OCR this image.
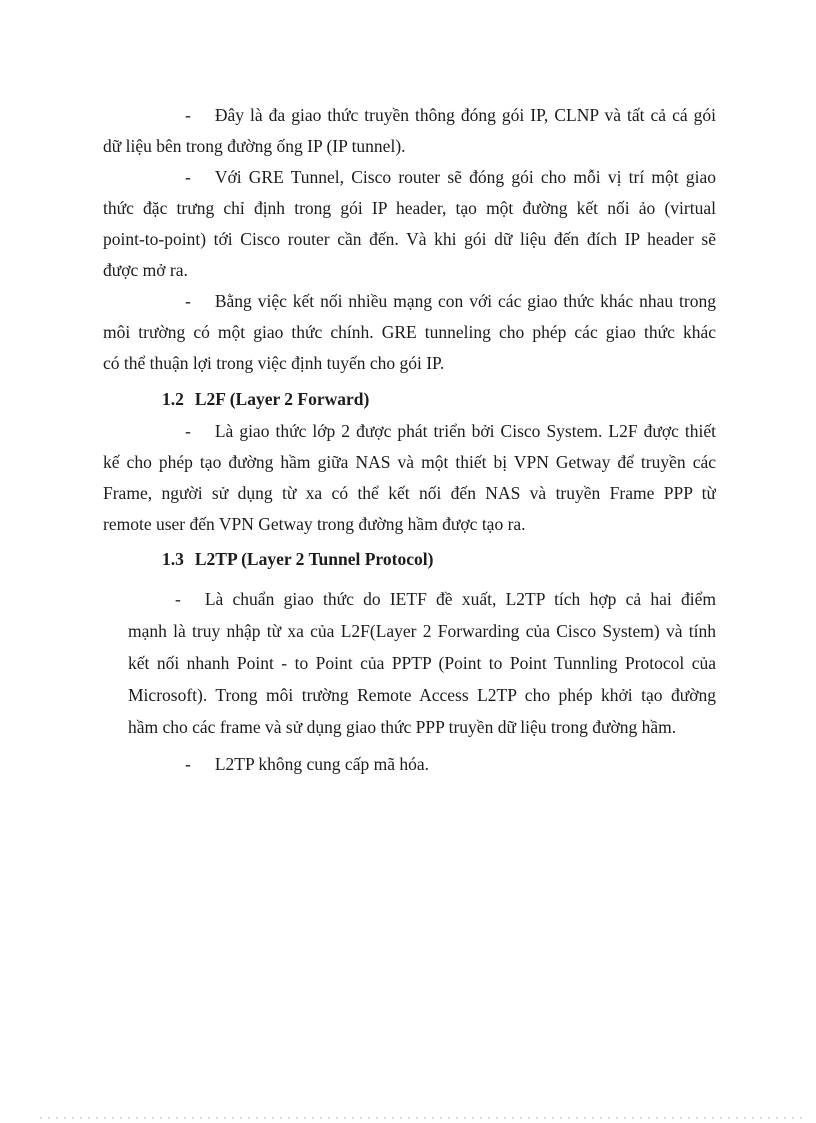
- Đây là đa giao thức truyền thông đóng gói IP, CLNP và tất cả cá gói
dữ liệu bên trong đường ống IP (IP tunnel).
- Với GRE Tunnel, Cisco router sẽ đóng gói cho mỗi vị trí một giao
thức đặc trưng chỉ định trong gói IP header, tạo một đường kết nối ảo (virtual
point-to-point) tới Cisco router cần đến. Và khi gói dữ liệu đến đích IP header sẽ
được mở ra.
- Bằng việc kết nối nhiều mạng con với các giao thức khác nhau trong
môi trường có một giao thức chính. GRE tunneling cho phép các giao thức khác
có thể thuận lợi trong việc định tuyến cho gói IP.
1.2 L2F (Layer 2 Forward)
- Là giao thức lớp 2 được phát triển bởi Cisco System. L2F được thiết
kế cho phép tạo đường hầm giữa NAS và một thiết bị VPN Getway để truyền các
Frame, người sử dụng từ xa có thể kết nối đến NAS và truyền Frame PPP từ
remote user đến VPN Getway trong đường hầm được tạo ra.
1.3 L2TP (Layer 2 Tunnel Protocol)
- Là chuẩn giao thức do IETF đề xuất, L2TP tích hợp cả hai điểm
mạnh là truy nhập từ xa của L2F(Layer 2 Forwarding của Cisco System) và tính
kết nối nhanh Point - to Point của PPTP (Point to Point Tunnling Protocol của
Microsoft). Trong môi trường Remote Access L2TP cho phép khởi tạo đường
hầm cho các frame và sử dụng giao thức PPP truyền dữ liệu trong đường hầm.
- L2TP không cung cấp mã hóa.
